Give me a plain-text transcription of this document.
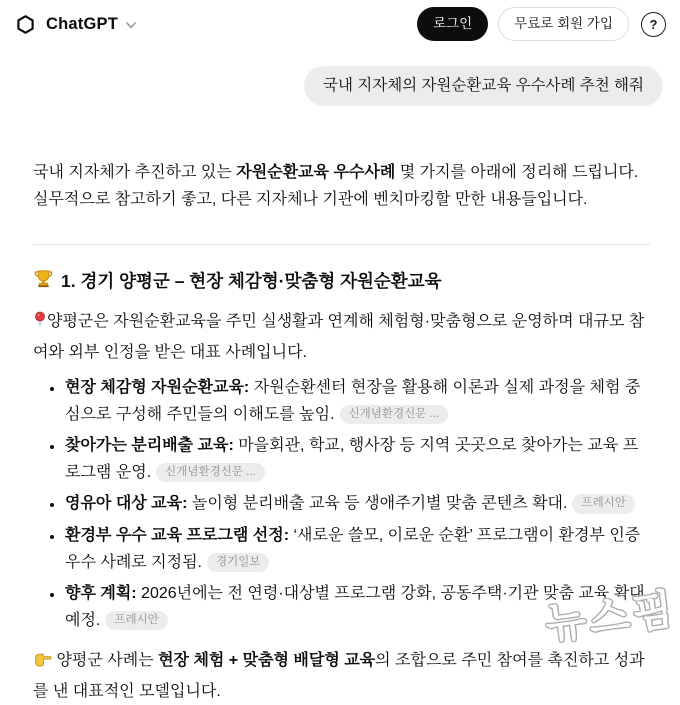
ChatGPT	로그인	무료로 회원 가입	?
국내 지자체의 자원순환교육 우수사례 추천 해줘

국내 지자체가 추진하고 있는 자원순환교육 우수사례 몇 가지를 아래에 정리해 드립니다. 실무적으로 참고하기 좋고, 다른 지자체나 기관에 벤치마킹할 만한 내용들입니다.

1. 경기 양평군 – 현장 체감형·맞춤형 자원순환교육

양평군은 자원순환교육을 주민 실생활과 연계해 체험형·맞춤형으로 운영하며 대규모 참여와 외부 인정을 받은 대표 사례입니다.

• 현장 체감형 자원순환교육: 자원순환센터 현장을 활용해 이론과 실제 과정을 체험 중심으로 구성해 주민들의 이해도를 높임. 신개념환경신문 ...
• 찾아가는 분리배출 교육: 마을회관, 학교, 행사장 등 지역 곳곳으로 찾아가는 교육 프로그램 운영. 신개념환경신문 ...
• 영유아 대상 교육: 놀이형 분리배출 교육 등 생애주기별 맞춤 콘텐츠 확대. 프레시안
• 환경부 우수 교육 프로그램 선정: ‘새로운 쓸모, 이로운 순환’ 프로그램이 환경부 인증 우수 사례로 지정됨. 경기일보
• 향후 계획: 2026년에는 전 연령·대상별 프로그램 강화, 공동주택·기관 맞춤 교육 확대 예정. 프레시안

양평군 사례는 현장 체험 + 맞춤형 배달형 교육의 조합으로 주민 참여를 촉진하고 성과를 낸 대표적인 모델입니다.

뉴스핌
